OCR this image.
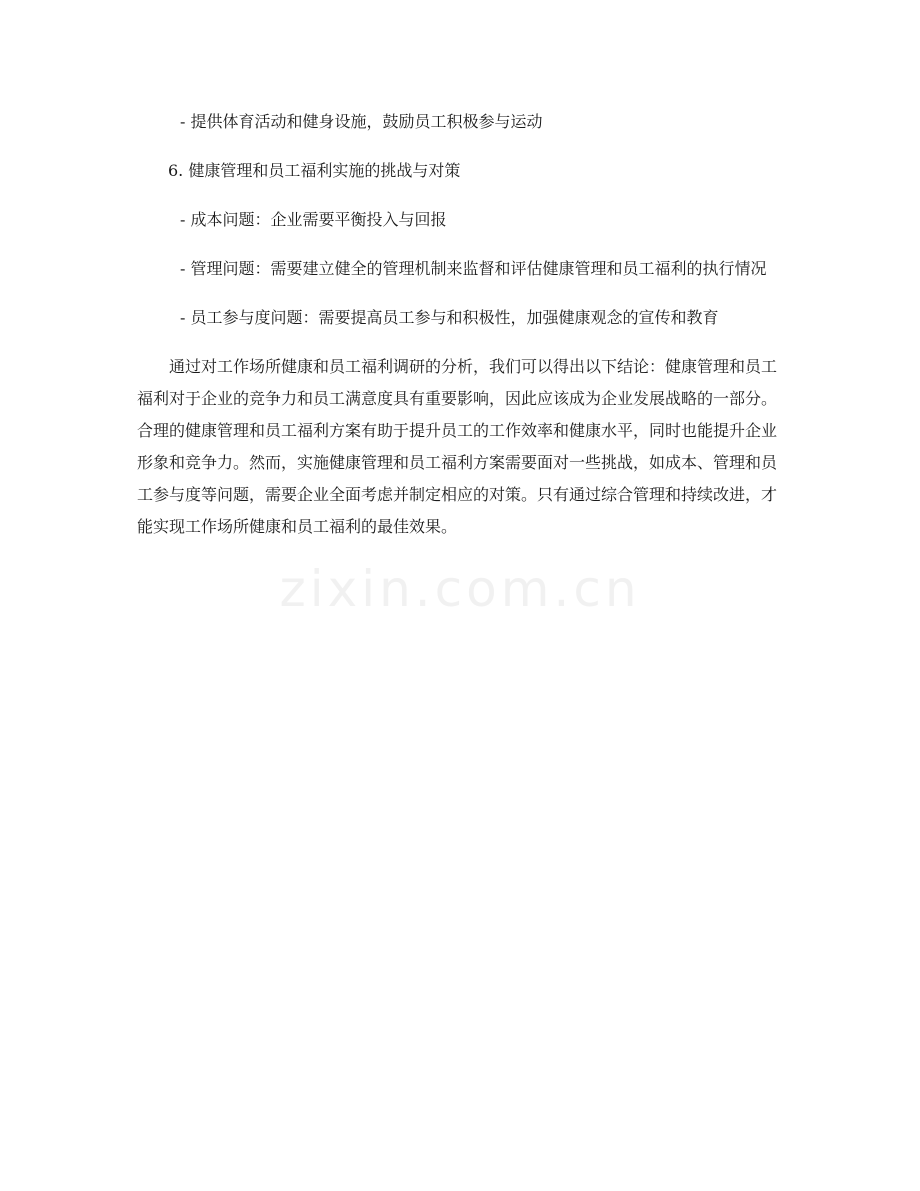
- 提供体育活动和健身设施，鼓励员工积极参与运动

6. 健康管理和员工福利实施的挑战与对策

- 成本问题：企业需要平衡投入与回报

- 管理问题：需要建立健全的管理机制来监督和评估健康管理和员工福利的执行情况

- 员工参与度问题：需要提高员工参与和积极性，加强健康观念的宣传和教育

通过对工作场所健康和员工福利调研的分析，我们可以得出以下结论：健康管理和员工福利对于企业的竞争力和员工满意度具有重要影响，因此应该成为企业发展战略的一部分。合理的健康管理和员工福利方案有助于提升员工的工作效率和健康水平，同时也能提升企业形象和竞争力。然而，实施健康管理和员工福利方案需要面对一些挑战，如成本、管理和员工参与度等问题，需要企业全面考虑并制定相应的对策。只有通过综合管理和持续改进，才能实现工作场所健康和员工福利的最佳效果。

zixin.com.cn
